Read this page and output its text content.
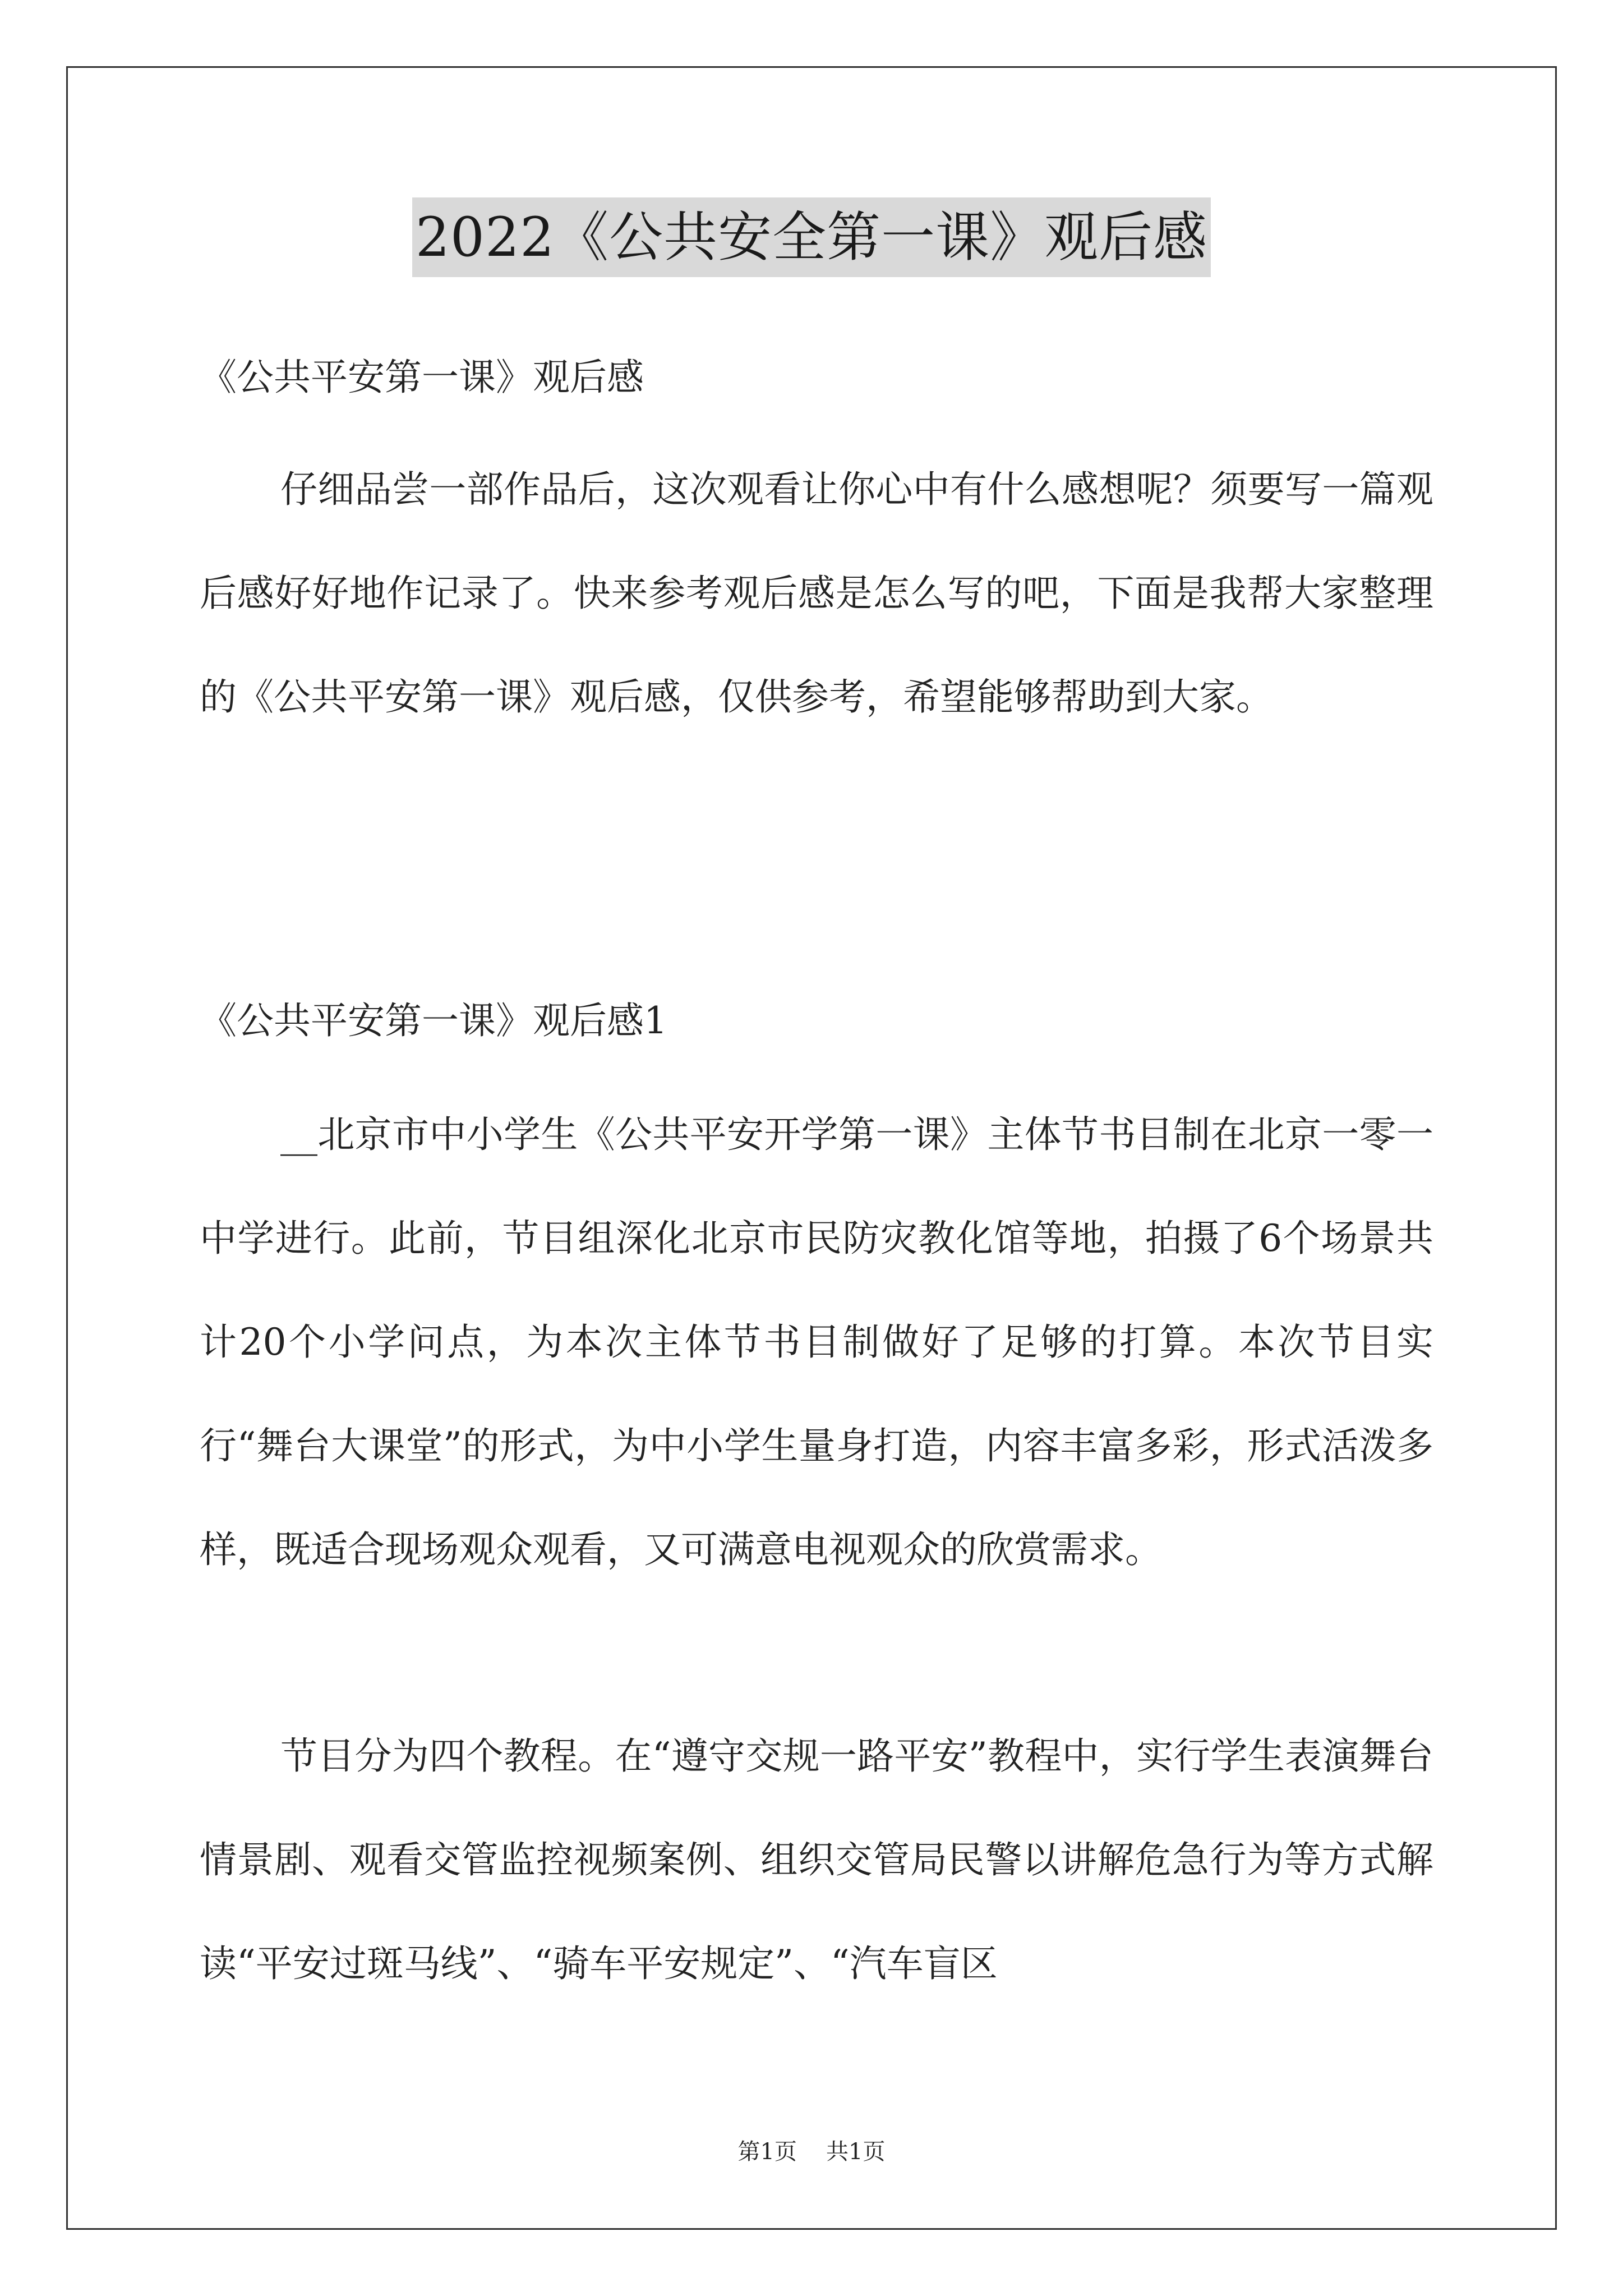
2022《公共安全第一课》观后感
《公共平安第一课》观后感
仔细品尝一部作品后，这次观看让你心中有什么感想呢？须要写一篇观后感好好地作记录了。快来参考观后感是怎么写的吧，下面是我帮大家整理的《公共平安第一课》观后感，仅供参考，希望能够帮助到大家。
《公共平安第一课》观后感1
__北京市中小学生《公共平安开学第一课》主体节书目制在北京一零一中学进行。此前，节目组深化北京市民防灾教化馆等地，拍摄了6个场景共计20个小学问点，为本次主体节书目制做好了足够的打算。本次节目实行“舞台大课堂”的形式，为中小学生量身打造，内容丰富多彩，形式活泼多样，既适合现场观众观看，又可满意电视观众的欣赏需求。
节目分为四个教程。在“遵守交规一路平安”教程中，实行学生表演舞台情景剧、观看交管监控视频案例、组织交管局民警以讲解危急行为等方式解读“平安过斑马线”、“骑车平安规定”、“汽车盲区
第1页 共1页
